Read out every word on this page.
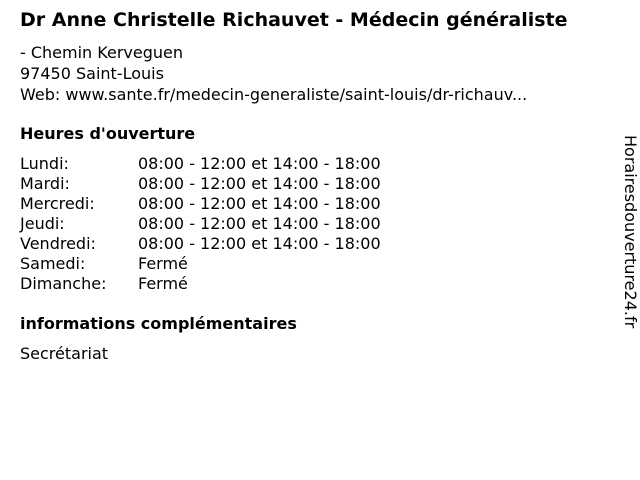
Dr Anne Christelle Richauvet - Médecin généraliste
- Chemin Kerveguen
97450 Saint-Louis
Web: www.sante.fr/medecin-generaliste/saint-louis/dr-richauv...
Heures d'ouverture
Lundi:	08:00 - 12:00 et 14:00 - 18:00
Mardi:	08:00 - 12:00 et 14:00 - 18:00
Mercredi:	08:00 - 12:00 et 14:00 - 18:00
Jeudi:	08:00 - 12:00 et 14:00 - 18:00
Vendredi:	08:00 - 12:00 et 14:00 - 18:00
Samedi:	Fermé
Dimanche: Fermé
informations complémentaires
Secrétariat
Horairesdouverture24.fr
